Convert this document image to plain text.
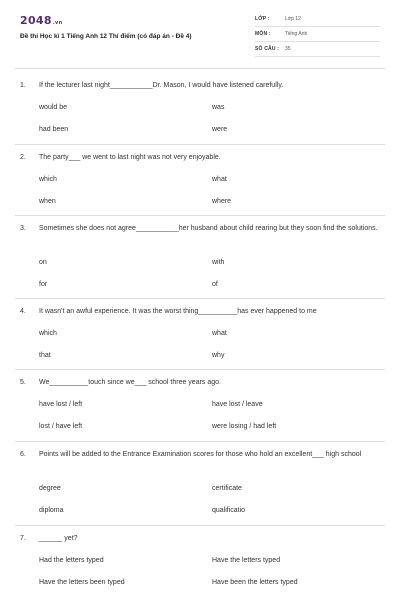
2048.vn
Đề thi Học kì 1 Tiếng Anh 12 Thí điểm (có đáp án - Đề 4)
LỚP :	Lớp 12
MÔN :	Tiếng Anh
SỐ CÂU : 35
1.	If the lecturer last night___________Dr. Mason, I would have listened carefully.
would be	was
had been	were
2.	The party___ we went to last night was not very enjoyable.
which	what
when	where
3.	Sometimes she does not agree___________her husband about child rearing but they soon find the solutions.
on	with
for	of
4.	It wasn't an awful experience. It was the worst thing__________has ever happened to me
which	what
that	why
5.	We__________touch since we___ school three years ago.
have lost / left	have lost / leave
lost / have left	were losing / had left
6.	Points will be added to the Entrance Examination scores for those who hold an excellent___ high school
degree	certificate
diploma	qualificatio
7.	______ yet?
Had the letters typed	Have the letters typed
Have the letters been typed	Have been the letters typed
